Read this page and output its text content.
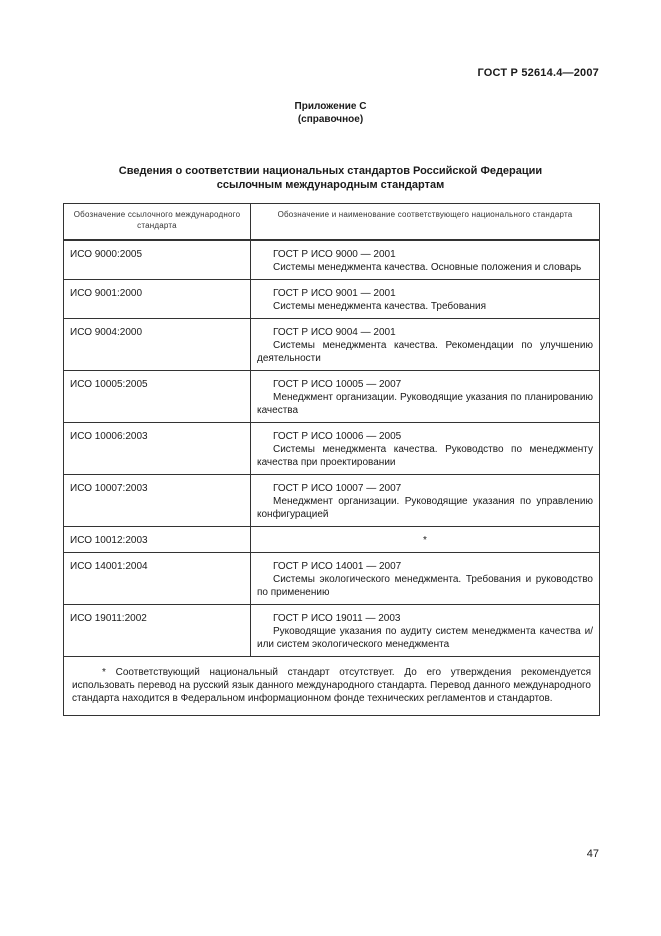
ГОСТ Р 52614.4—2007
Приложение С
(справочное)
Сведения о соответствии национальных стандартов Российской Федерации
ссылочным международным стандартам
Обозначение ссылочного международного стандарта	Обозначение и наименование соответствующего национального стандарта
ИСО 9000:2005	ГОСТ Р ИСО 9000 — 2001
Системы менеджмента качества. Основные положения и словарь

ИСО 9001:2000	ГОСТ Р ИСО 9001 — 2001
Системы менеджмента качества. Требования

ИСО 9004:2000	ГОСТ Р ИСО 9004 — 2001
Системы менеджмента качества. Рекомендации по улучшению деятельности

ИСО 10005:2005	ГОСТ Р ИСО 10005 — 2007
Менеджмент организации. Руководящие указания по планированию качества

ИСО 10006:2003	ГОСТ Р ИСО 10006 — 2005
Системы менеджмента качества. Руководство по менеджменту качества при проектировании

ИСО 10007:2003	ГОСТ Р ИСО 10007 — 2007
Менеджмент организации. Руководящие указания по управлению конфигурацией

ИСО 10012:2003	*

ИСО 14001:2004	ГОСТ Р ИСО 14001 — 2007
Системы экологического менеджмента. Требования и руководство по применению

ИСО 19011:2002	ГОСТ Р ИСО 19011 — 2003
Руководящие указания по аудиту систем менеджмента качества и/или систем экологического менеджмента

* Соответствующий национальный стандарт отсутствует. До его утверждения рекомендуется использовать перевод на русский язык данного международного стандарта. Перевод данного международного стандарта находится в Федеральном информационном фонде технических регламентов и стандартов.	
47
